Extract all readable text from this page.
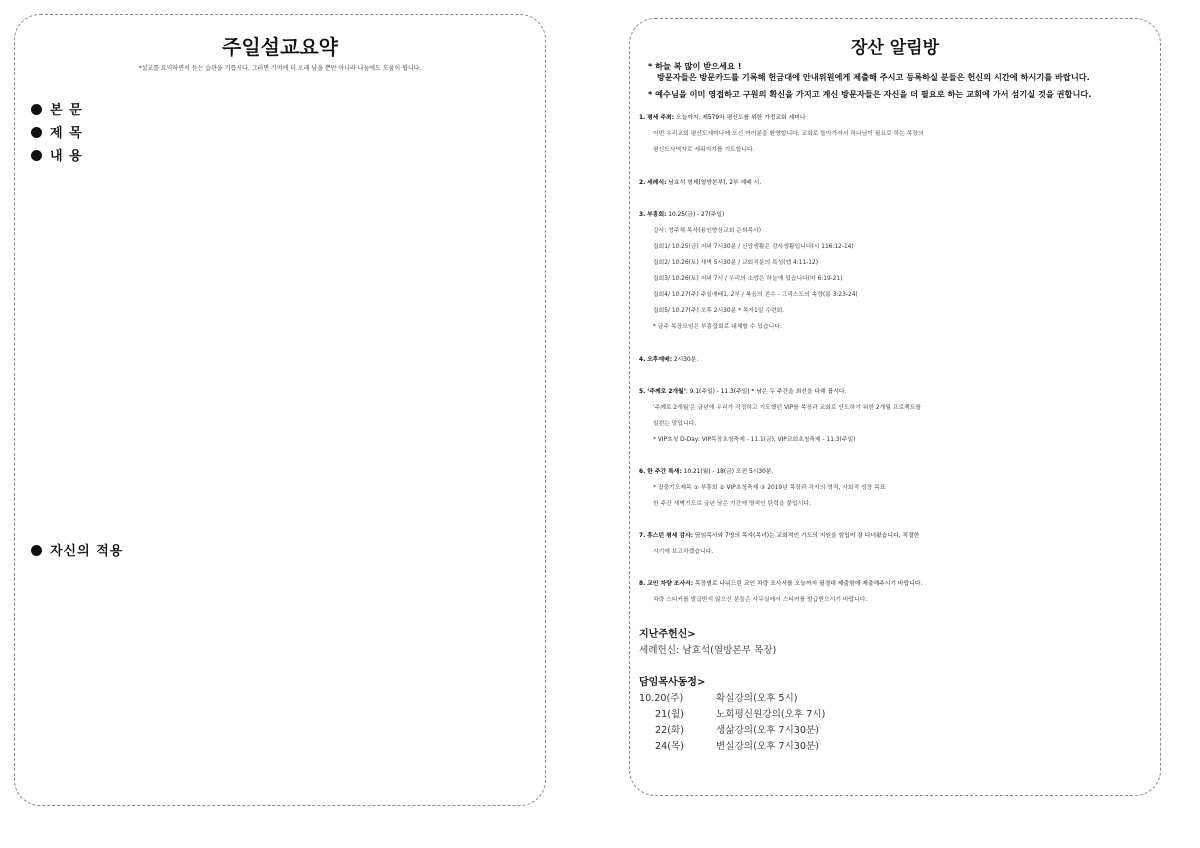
주일설교요약
*설교를 요약하면서 듣는 습관을 기릅시다. 그러면 기억에 더 오래 남을 뿐만 아니라 나눔에도 도움이 됩니다.
본 문
제 목
내 용
자신의 적용
장산 알림방
* 하늘 복 많이 받으세요 !
방문자들은 방문카드를 기록해 헌금대에 안내위원에게 제출해 주시고 등록하실 분들은 헌신의 시간에 하시기를 바랍니다.
* 예수님을 이미 영접하고 구원의 확신을 가지고 계신 방문자들은 자신을 더 필요로 하는 교회에 가서 섬기실 것을 권합니다.
1. 평세 주최: 오늘까지. 제579차 평신도를 위한 가정교회 세미나
이번 우리교회 평신도세미나에 오신 여러분을 환영합니다. 교회로 돌아가셔서 하나님이 필요로 하는 목장의
평신도사역자로 세워지기를 기도합니다.
2. 세례식: 남효석 형제(열방본부), 2부 예배 시.
3. 부흥회: 10.25(금) - 27(주일)
강사: 정주채 목사(용인향상교회 은퇴목사)
집회1/ 10.25(금) 저녁 7시30분 / 신앙생활은 감사생활입니다(시 116:12-14)
집회2/ 10.26(토) 새벽 5시30분 / 교회직분의 특성(엡 4:11-12)
집회3/ 10.26(토) 저녁 7시 / 우리의 소망은 하늘에 있습니다(마 6:19-21)
집회4/ 10.27(주) 주일예배1, 2부 / 복음의 진수 - 그리스도의 속량(롬 3:23-24)
집회5/ 10.27(주) 오후 2시30분 * 목자1일 수련회.
* 금주 목장모임은 부흥집회로 대체할 수 있습니다.
4. 오후예배: 2시30분.
5. ‘주께로 2개월’: 9.1(주일) - 11.3(주일) * 남은 두 주간을 최선을 다해 봅시다.
'주께로 2개월'은 금년에 우리가 작정하고 기도했던 VIP를 목장과 교회로 인도하기 위한 2개월 프로젝트를
일컫는 말입니다.
* VIP초청 D-Day: VIP목장초청축제 - 11.1(금), VIP교회초청축제 - 11.3(주일)
6. 한 주간 특새: 10.21(월) - 18(금) 오전 5시30분.
* 집중기도제목 ① 부흥회 ② VIP초청축제 ③ 2019년 목장과 각자의 영적, 사회적 성장 목표
한 주간 새벽기도로 금년 남은 기간에 영적인 탄력을 붙입시다.
7. 휴스턴 평세 감사: 담임목사와 7명의 목자(목녀)는 교회적인 기도의 지원을 힘입어 잘 다녀왔습니다. 적절한
시기에 보고하겠습니다.
8. 교인 차량 조사서: 목장별로 나눠드린 교인 차량 조사서를 오늘까지 필경대 제출함에 제출해주시기 바랍니다.
차량 스티커를 발급받지 않으신 분들은 사무실에서 스티커를 발급받으시기 바랍니다.
지난주헌신>
세례헌신: 남효석(열방본부 목장)
담임목사동정>
10.20(주)	확실강의(오후 5시)
21(월)	노회평신원강의(오후 7시)
22(화)	생삶강의(오후 7시30분)
24(목)	변실강의(오후 7시30분)
